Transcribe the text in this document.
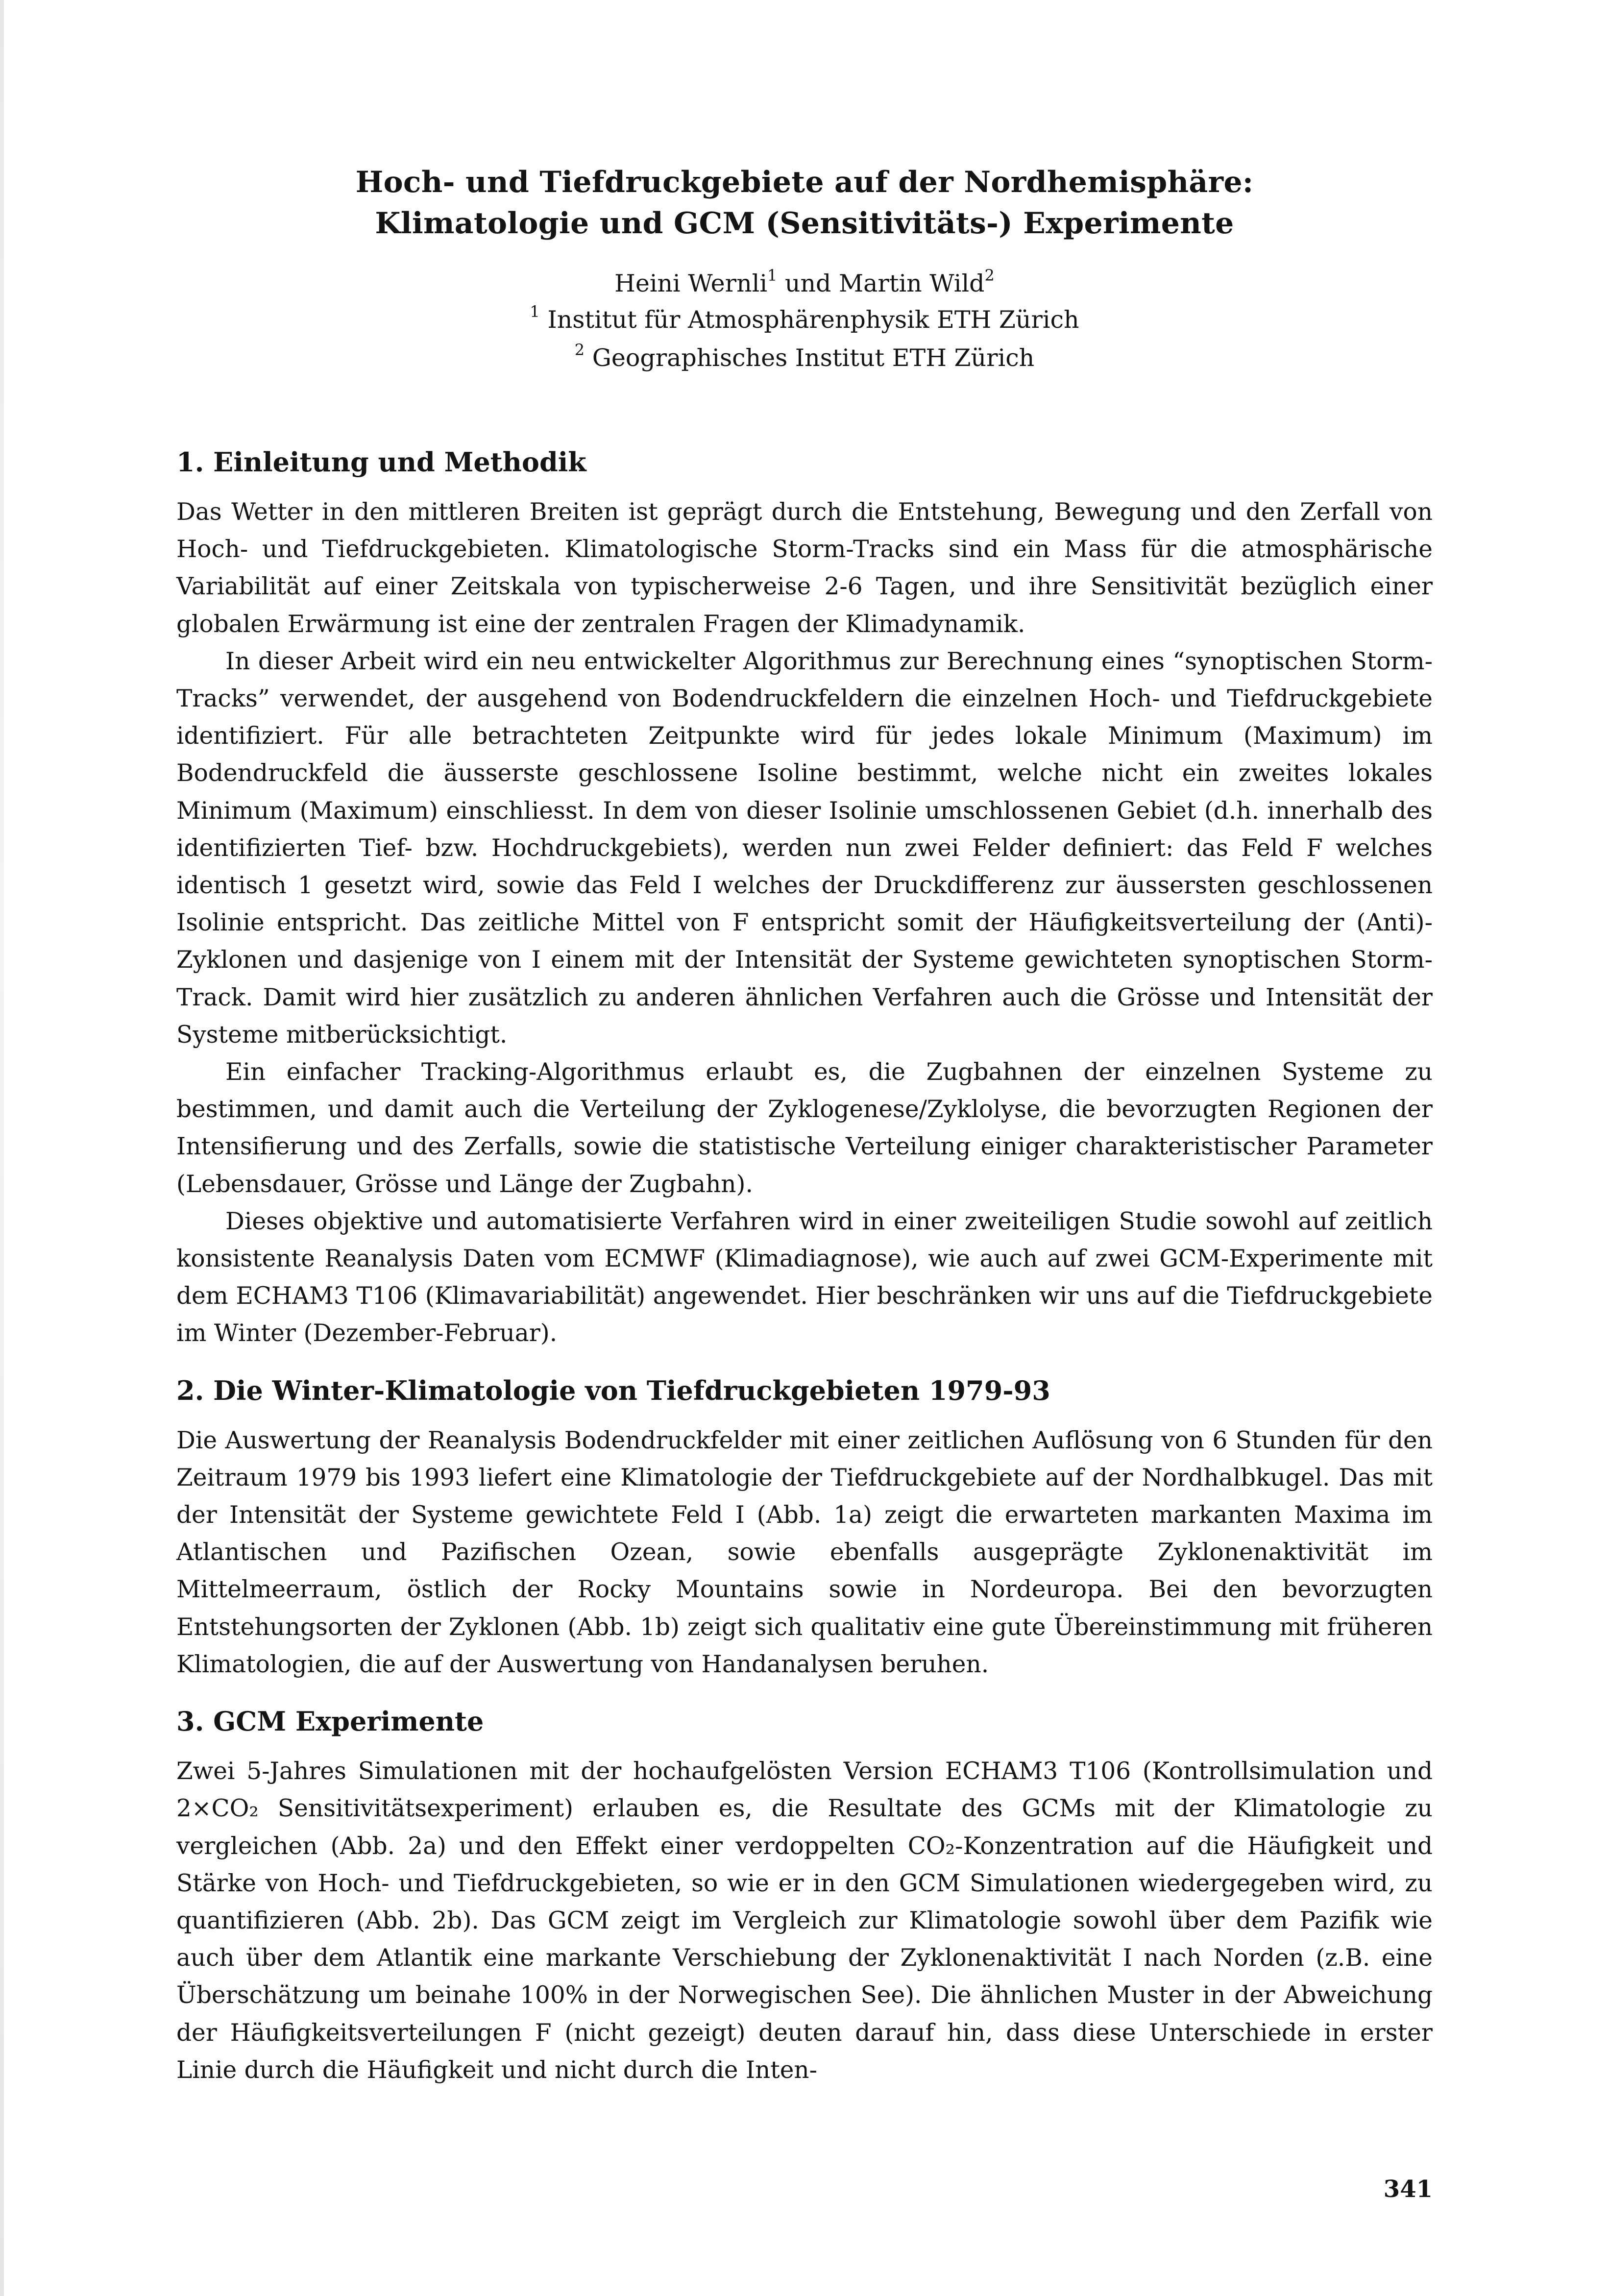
Hoch- und Tiefdruckgebiete auf der Nordhemisphäre:
Klimatologie und GCM (Sensitivitäts-) Experimente
Heini Wernli$^1$ und Martin Wild$^2$
$^1$ Institut für Atmosphärenphysik ETH Zürich
$^2$ Geographisches Institut ETH Zürich
1. Einleitung und Methodik

Das Wetter in den mittleren Breiten ist geprägt durch die Entstehung, Bewegung und den Zerfall von Hoch- und Tiefdruckgebieten. Klimatologische Storm-Tracks sind ein Mass für die atmosphärische Variabilität auf einer Zeitskala von typischerweise 2-6 Tagen, und ihre Sensitivität bezüglich einer globalen Erwärmung ist eine der zentralen Fragen der Klimadynamik.

In dieser Arbeit wird ein neu entwickelter Algorithmus zur Berechnung eines “synoptischen Storm-Tracks” verwendet, der ausgehend von Bodendruckfeldern die einzelnen Hoch- und Tiefdruckgebiete identifiziert. Für alle betrachteten Zeitpunkte wird für jedes lokale Minimum (Maximum) im Bodendruckfeld die äusserste geschlossene Isoline bestimmt, welche nicht ein zweites lokales Minimum (Maximum) einschliesst. In dem von dieser Isolinie umschlossenen Gebiet (d.h. innerhalb des identifizierten Tief- bzw. Hochdruckgebiets), werden nun zwei Felder definiert: das Feld F welches identisch 1 gesetzt wird, sowie das Feld I welches der Druckdifferenz zur äussersten geschlossenen Isolinie entspricht. Das zeitliche Mittel von F entspricht somit der Häufigkeitsverteilung der (Anti)-Zyklonen und dasjenige von I einem mit der Intensität der Systeme gewichteten synoptischen Storm-Track. Damit wird hier zusätzlich zu anderen ähnlichen Verfahren auch die Grösse und Intensität der Systeme mitberücksichtigt.

Ein einfacher Tracking-Algorithmus erlaubt es, die Zugbahnen der einzelnen Systeme zu bestimmen, und damit auch die Verteilung der Zyklogenese/Zyklolyse, die bevorzugten Regionen der Intensifierung und des Zerfalls, sowie die statistische Verteilung einiger charakteristischer Parameter (Lebensdauer, Grösse und Länge der Zugbahn).

Dieses objektive und automatisierte Verfahren wird in einer zweiteiligen Studie sowohl auf zeitlich konsistente Reanalysis Daten vom ECMWF (Klimadiagnose), wie auch auf zwei GCM-Experimente mit dem ECHAM3 T106 (Klimavariabilität) angewendet. Hier beschränken wir uns auf die Tiefdruckgebiete im Winter (Dezember-Februar).

2. Die Winter-Klimatologie von Tiefdruckgebieten 1979-93

Die Auswertung der Reanalysis Bodendruckfelder mit einer zeitlichen Auflösung von 6 Stunden für den Zeitraum 1979 bis 1993 liefert eine Klimatologie der Tiefdruckgebiete auf der Nordhalbkugel. Das mit der Intensität der Systeme gewichtete Feld I (Abb. 1a) zeigt die erwarteten markanten Maxima im Atlantischen und Pazifischen Ozean, sowie ebenfalls ausgeprägte Zyklonenaktivität im Mittelmeerraum, östlich der Rocky Mountains sowie in Nordeuropa. Bei den bevorzugten Entstehungsorten der Zyklonen (Abb. 1b) zeigt sich qualitativ eine gute Übereinstimmung mit früheren Klimatologien, die auf der Auswertung von Handanalysen beruhen.

3. GCM Experimente

Zwei 5-Jahres Simulationen mit der hochaufgelösten Version ECHAM3 T106 (Kontrollsimulation und 2×CO₂ Sensitivitätsexperiment) erlauben es, die Resultate des GCMs mit der Klimatologie zu vergleichen (Abb. 2a) und den Effekt einer verdoppelten CO₂-Konzentration auf die Häufigkeit und Stärke von Hoch- und Tiefdruckgebieten, so wie er in den GCM Simulationen wiedergegeben wird, zu quantifizieren (Abb. 2b). Das GCM zeigt im Vergleich zur Klimatologie sowohl über dem Pazifik wie auch über dem Atlantik eine markante Verschiebung der Zyklonenaktivität I nach Norden (z.B. eine Überschätzung um beinahe 100% in der Norwegischen See). Die ähnlichen Muster in der Abweichung der Häufigkeitsverteilungen F (nicht gezeigt) deuten darauf hin, dass diese Unterschiede in erster Linie durch die Häufigkeit und nicht durch die Inten-

341
